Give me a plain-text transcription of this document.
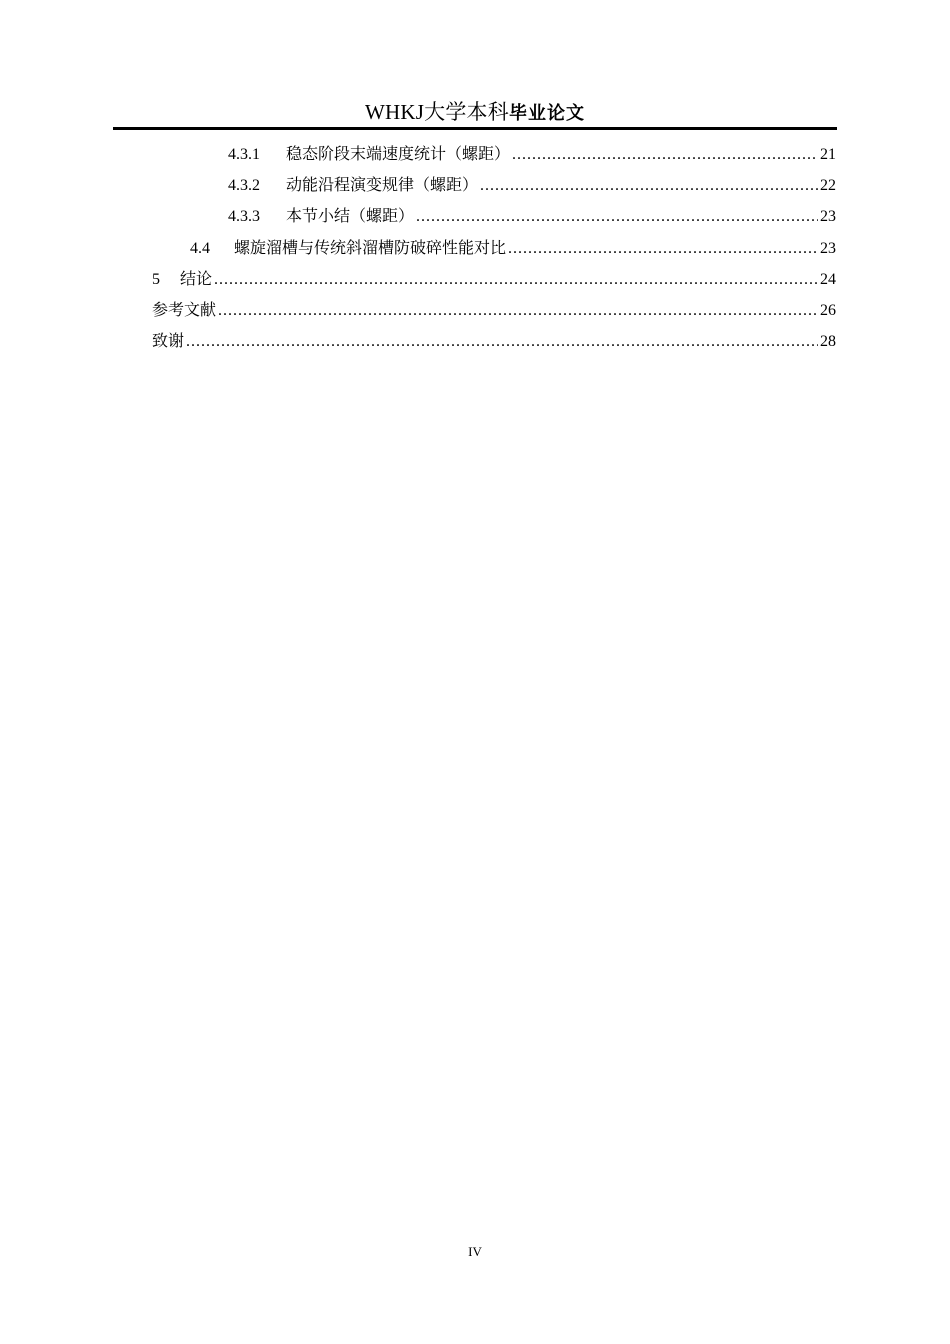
WHKJ大学本科毕业论文
4.3.1	稳态阶段末端速度统计（螺距） .....	21
4.3.2	动能沿程演变规律（螺距） .....	22
4.3.3	本节小结（螺距） .....	23
4.4	螺旋溜槽与传统斜溜槽防破碎性能对比 .....	23
5	结论 .....	24
参考文献 .....	26
致谢 .....	28
IV
